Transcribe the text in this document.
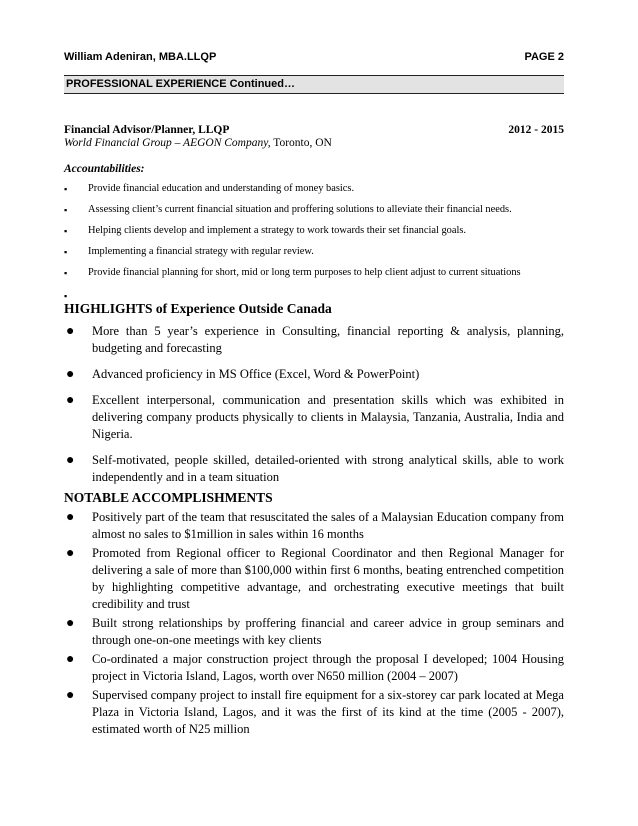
William Adeniran, MBA.LLQP	PAGE 2
PROFESSIONAL EXPERIENCE Continued…
Financial Advisor/Planner, LLQP	2012 - 2015
World Financial Group – AEGON Company, Toronto, ON
Accountabilities:
▪ Provide financial education and understanding of money basics.
▪ Assessing client’s current financial situation and proffering solutions to alleviate their financial needs.
▪ Helping clients develop and implement a strategy to work towards their set financial goals.
▪ Implementing a financial strategy with regular review.
▪ Provide financial planning for short, mid or long term purposes to help client adjust to current situations
▪
HIGHLIGHTS of Experience Outside Canada
● More than 5 year’s experience in Consulting, financial reporting & analysis, planning, budgeting and forecasting
● Advanced proficiency in MS Office (Excel, Word & PowerPoint)
● Excellent interpersonal, communication and presentation skills which was exhibited in delivering company products physically to clients in Malaysia, Tanzania, Australia, India and Nigeria.
● Self-motivated, people skilled, detailed-oriented with strong analytical skills, able to work independently and in a team situation
NOTABLE ACCOMPLISHMENTS
● Positively part of the team that resuscitated the sales of a Malaysian Education company from almost no sales to $1million in sales within 16 months
● Promoted from Regional officer to Regional Coordinator and then Regional Manager for delivering a sale of more than $100,000 within first 6 months, beating entrenched competition by highlighting competitive advantage, and orchestrating executive meetings that built credibility and trust
● Built strong relationships by proffering financial and career advice in group seminars and through one-on-one meetings with key clients
● Co-ordinated a major construction project through the proposal I developed; 1004 Housing project in Victoria Island, Lagos, worth over N650 million (2004 – 2007)
● Supervised company project to install fire equipment for a six-storey car park located at Mega Plaza in Victoria Island, Lagos, and it was the first of its kind at the time (2005 - 2007), estimated worth of N25 million
